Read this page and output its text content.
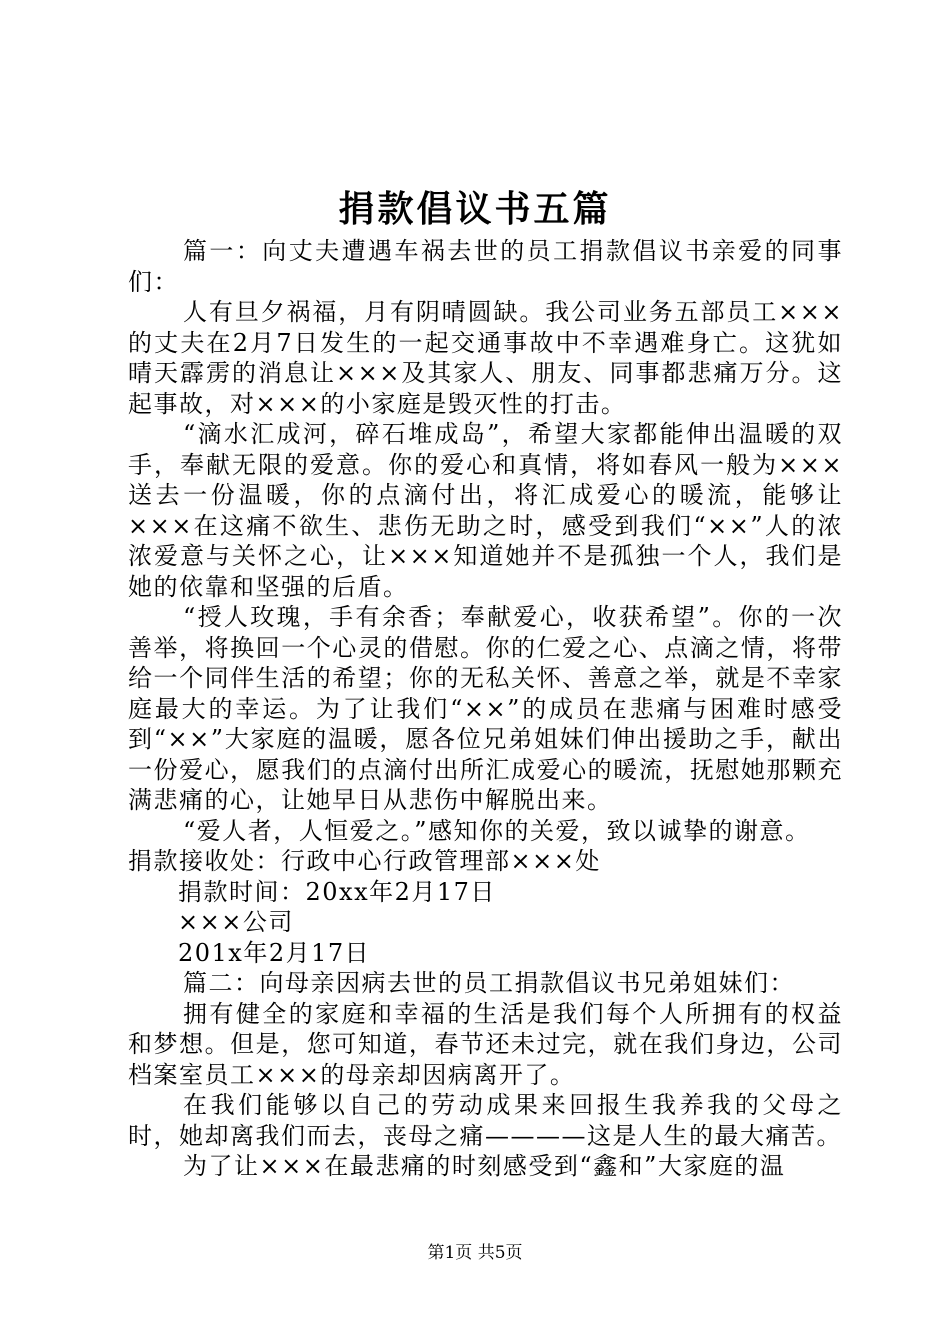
捐款倡议书五篇

篇一：向丈夫遭遇车祸去世的员工捐款倡议书亲爱的同事们：

人有旦夕祸福，月有阴晴圆缺。我公司业务五部员工×××的丈夫在2月7日发生的一起交通事故中不幸遇难身亡。这犹如晴天霹雳的消息让×××及其家人、朋友、同事都悲痛万分。这起事故，对×××的小家庭是毁灭性的打击。

“滴水汇成河，碎石堆成岛”，希望大家都能伸出温暖的双手，奉献无限的爱意。你的爱心和真情，将如春风一般为×××送去一份温暖，你的点滴付出，将汇成爱心的暖流，能够让×××在这痛不欲生、悲伤无助之时，感受到我们“××”人的浓浓爱意与关怀之心，让×××知道她并不是孤独一个人，我们是她的依靠和坚强的后盾。

“授人玫瑰，手有余香；奉献爱心，收获希望”。你的一次善举，将换回一个心灵的借慰。你的仁爱之心、点滴之情，将带给一个同伴生活的希望；你的无私关怀、善意之举，就是不幸家庭最大的幸运。为了让我们“××”的成员在悲痛与困难时感受到“××”大家庭的温暖，愿各位兄弟姐妹们伸出援助之手，献出一份爱心，愿我们的点滴付出所汇成爱心的暖流，抚慰她那颗充满悲痛的心，让她早日从悲伤中解脱出来。

“爱人者，人恒爱之。”感知你的关爱，致以诚挚的谢意。

捐款接收处：行政中心行政管理部×××处

捐款时间：20xx年2月17日

×××公司

201x年2月17日

篇二：向母亲因病去世的员工捐款倡议书兄弟姐妹们：

拥有健全的家庭和幸福的生活是我们每个人所拥有的权益和梦想。但是，您可知道，春节还未过完，就在我们身边，公司档案室员工×××的母亲却因病离开了。

在我们能够以自己的劳动成果来回报生我养我的父母之时，她却离我们而去，丧母之痛————这是人生的最大痛苦。

为了让×××在最悲痛的时刻感受到“鑫和”大家庭的温

第1页 共5页
